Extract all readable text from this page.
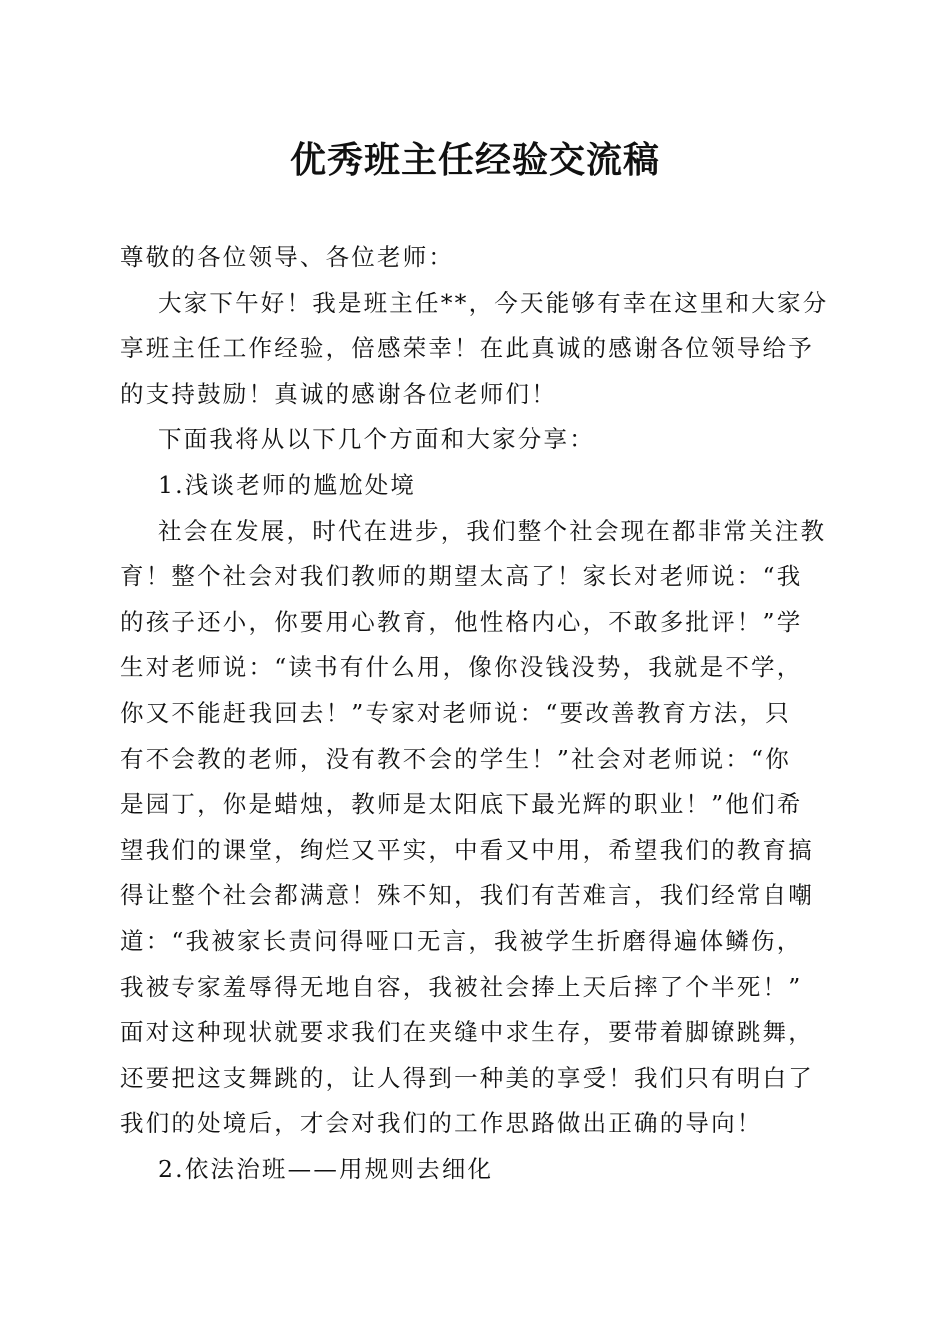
优秀班主任经验交流稿

尊敬的各位领导、各位老师：

大家下午好！我是班主任**，今天能够有幸在这里和大家分
享班主任工作经验，倍感荣幸！在此真诚的感谢各位领导给予
的支持鼓励！真诚的感谢各位老师们！

下面我将从以下几个方面和大家分享：

1.浅谈老师的尴尬处境

社会在发展，时代在进步，我们整个社会现在都非常关注教
育！整个社会对我们教师的期望太高了！家长对老师说：“我
的孩子还小，你要用心教育，他性格内心，不敢多批评！”学
生对老师说：“读书有什么用，像你没钱没势，我就是不学，
你又不能赶我回去！”专家对老师说：“要改善教育方法，只
有不会教的老师，没有教不会的学生！”社会对老师说：“你
是园丁，你是蜡烛，教师是太阳底下最光辉的职业！”他们希
望我们的课堂，绚烂又平实，中看又中用，希望我们的教育搞
得让整个社会都满意！殊不知，我们有苦难言，我们经常自嘲
道：“我被家长责问得哑口无言，我被学生折磨得遍体鳞伤，
我被专家羞辱得无地自容，我被社会捧上天后摔了个半死！”
面对这种现状就要求我们在夹缝中求生存，要带着脚镣跳舞，
还要把这支舞跳的，让人得到一种美的享受！我们只有明白了
我们的处境后，才会对我们的工作思路做出正确的导向！

2.依法治班——用规则去细化
